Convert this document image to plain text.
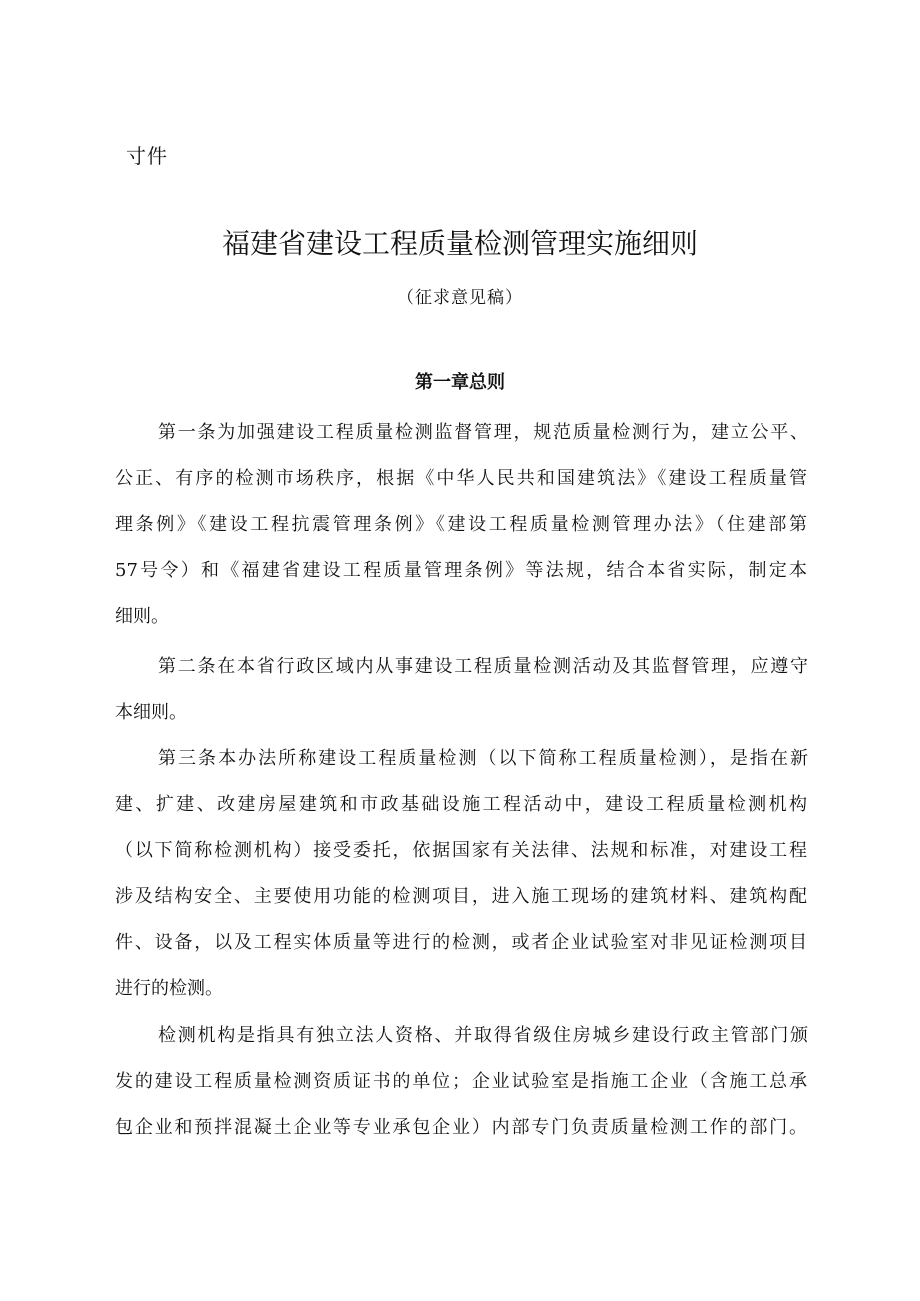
寸件
福建省建设工程质量检测管理实施细则
（征求意见稿）
第一章总则
第一条为加强建设工程质量检测监督管理，规范质量检测行为，建立公平、
公正、有序的检测市场秩序，根据《中华人民共和国建筑法》《建设工程质量管
理条例》《建设工程抗震管理条例》《建设工程质量检测管理办法》（住建部第
57号令）和《福建省建设工程质量管理条例》等法规，结合本省实际，制定本
细则。
第二条在本省行政区域内从事建设工程质量检测活动及其监督管理，应遵守
本细则。
第三条本办法所称建设工程质量检测（以下简称工程质量检测），是指在新
建、扩建、改建房屋建筑和市政基础设施工程活动中，建设工程质量检测机构
（以下简称检测机构）接受委托，依据国家有关法律、法规和标准，对建设工程
涉及结构安全、主要使用功能的检测项目，进入施工现场的建筑材料、建筑构配
件、设备，以及工程实体质量等进行的检测，或者企业试验室对非见证检测项目
进行的检测。
检测机构是指具有独立法人资格、并取得省级住房城乡建设行政主管部门颁
发的建设工程质量检测资质证书的单位；企业试验室是指施工企业（含施工总承
包企业和预拌混凝土企业等专业承包企业）内部专门负责质量检测工作的部门。
